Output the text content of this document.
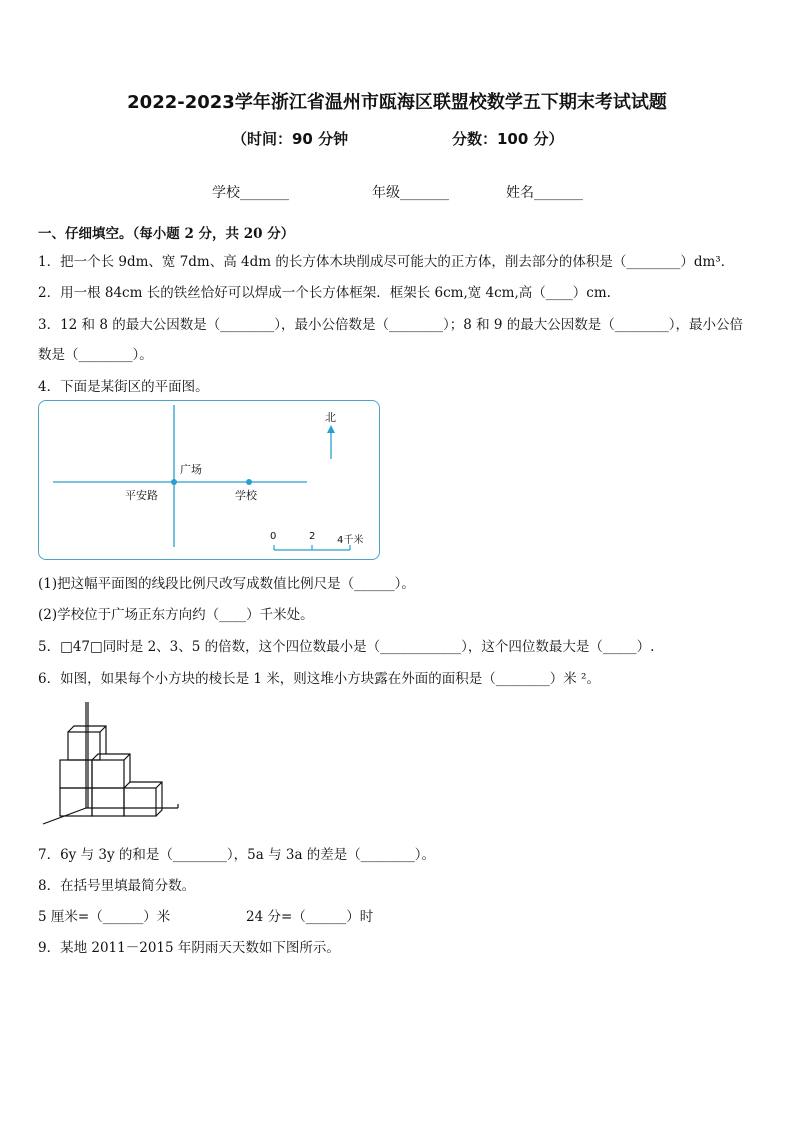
2022-2023学年浙江省温州市瓯海区联盟校数学五下期末考试试题
（时间：90 分钟	分数：100 分）
学校_______	年级_______	姓名_______
一、仔细填空。（每小题 2 分，共 20 分）
1．把一个长 9dm、宽 7dm、高 4dm 的长方体木块削成尽可能大的正方体，削去部分的体积是（________）dm³．
2．用一根 84cm 长的铁丝恰好可以焊成一个长方体框架．框架长 6cm,宽 4cm,高（____）cm.
3．12 和 8 的最大公因数是（________），最小公倍数是（________）；8 和 9 的最大公因数是（________），最小公倍
数是（________）。
4．下面是某街区的平面图。
北
广场
平安路	学校
0	2 4千米
(1)把这幅平面图的线段比例尺改写成数值比例尺是（______）。
(2)学校位于广场正东方向约（____）千米处。
5．□47□同时是 2、3、5 的倍数，这个四位数最小是（____________），这个四位数最大是（_____）.
6．如图，如果每个小方块的棱长是 1 米，则这堆小方块露在外面的面积是（________）米 ²。
7．6y 与 3y 的和是（________），5a 与 3a 的差是（________）。
8．在括号里填最简分数。
5 厘米=（______）米	24 分=（______）时
9．某地 2011－2015 年阴雨天天数如下图所示。
